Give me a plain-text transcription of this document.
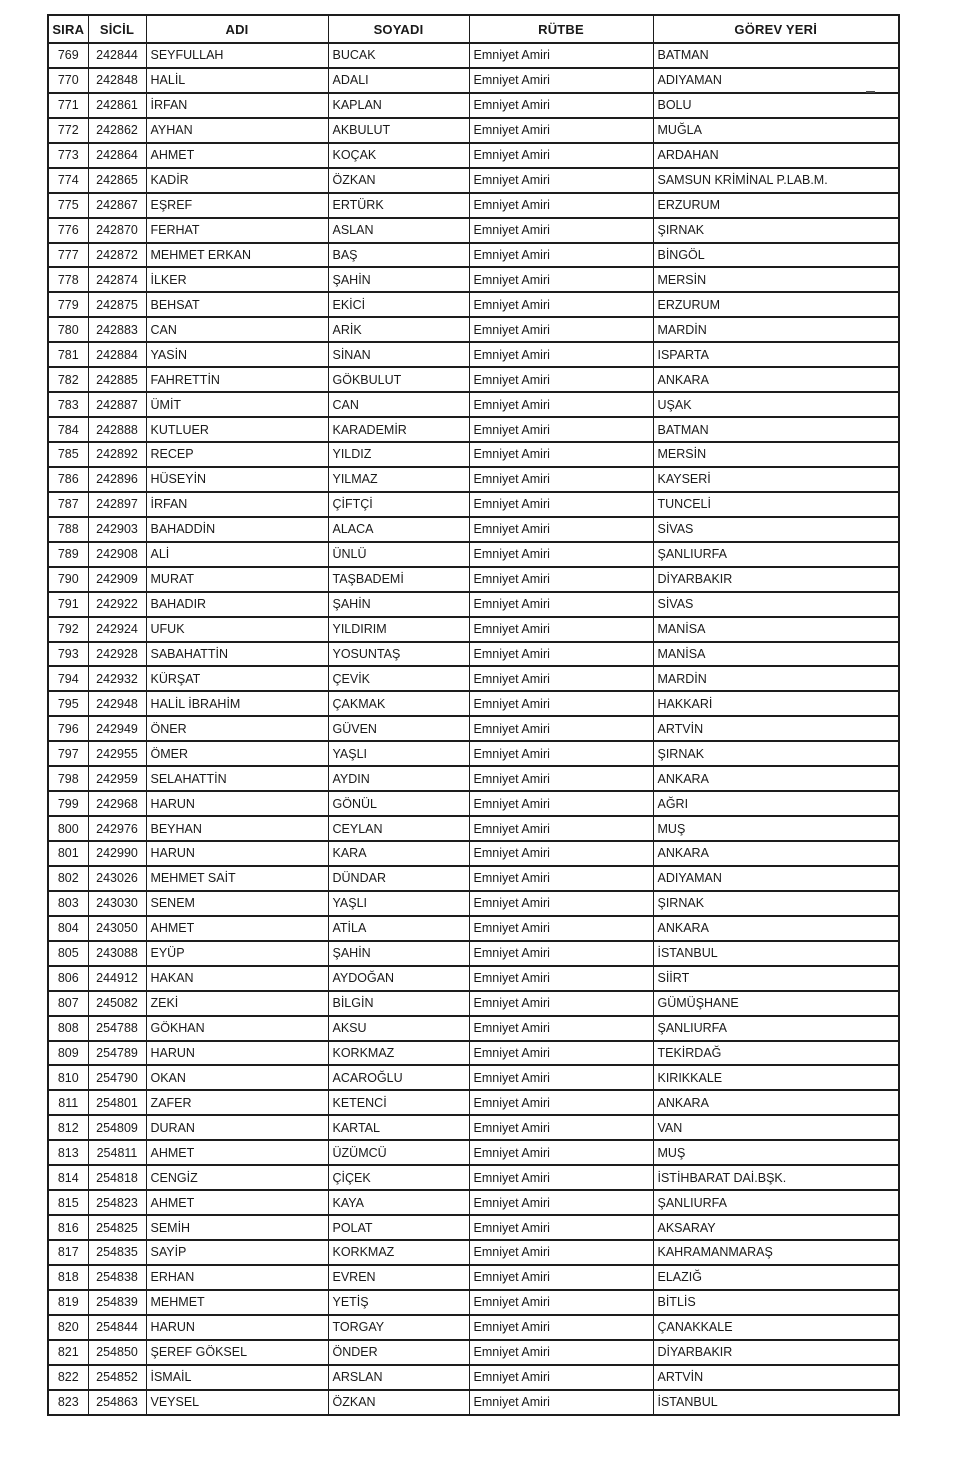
SIRA	SİCİL	ADI	SOYADI	RÜTBE	GÖREV YERİ
769	242844	SEYFULLAH	BUCAK	Emniyet Amiri	BATMAN
770	242848	HALİL	ADALI	Emniyet Amiri	ADIYAMAN
771	242861	İRFAN	KAPLAN	Emniyet Amiri	BOLU
772	242862	AYHAN	AKBULUT	Emniyet Amiri	MUĞLA
773	242864	AHMET	KOÇAK	Emniyet Amiri	ARDAHAN
774	242865	KADİR	ÖZKAN	Emniyet Amiri	SAMSUN KRİMİNAL P.LAB.M.
775	242867	EŞREF	ERTÜRK	Emniyet Amiri	ERZURUM
776	242870	FERHAT	ASLAN	Emniyet Amiri	ŞIRNAK
777	242872	MEHMET ERKAN	BAŞ	Emniyet Amiri	BİNGÖL
778	242874	İLKER	ŞAHİN	Emniyet Amiri	MERSİN
779	242875	BEHSAT	EKİCİ	Emniyet Amiri	ERZURUM
780	242883	CAN	ARİK	Emniyet Amiri	MARDİN
781	242884	YASİN	SİNAN	Emniyet Amiri	ISPARTA
782	242885	FAHRETTİN	GÖKBULUT	Emniyet Amiri	ANKARA
783	242887	ÜMİT	CAN	Emniyet Amiri	UŞAK
784	242888	KUTLUER	KARADEMİR	Emniyet Amiri	BATMAN
785	242892	RECEP	YILDIZ	Emniyet Amiri	MERSİN
786	242896	HÜSEYİN	YILMAZ	Emniyet Amiri	KAYSERİ
787	242897	İRFAN	ÇİFTÇİ	Emniyet Amiri	TUNCELİ
788	242903	BAHADDİN	ALACA	Emniyet Amiri	SİVAS
789	242908	ALİ	ÜNLÜ	Emniyet Amiri	ŞANLIURFA
790	242909	MURAT	TAŞBADEMİ	Emniyet Amiri	DİYARBAKIR
791	242922	BAHADIR	ŞAHİN	Emniyet Amiri	SİVAS
792	242924	UFUK	YILDIRIM	Emniyet Amiri	MANİSA
793	242928	SABAHATTİN	YOSUNTAŞ	Emniyet Amiri	MANİSA
794	242932	KÜRŞAT	ÇEVİK	Emniyet Amiri	MARDİN
795	242948	HALİL İBRAHİM	ÇAKMAK	Emniyet Amiri	HAKKARİ
796	242949	ÖNER	GÜVEN	Emniyet Amiri	ARTVİN
797	242955	ÖMER	YAŞLI	Emniyet Amiri	ŞIRNAK
798	242959	SELAHATTİN	AYDIN	Emniyet Amiri	ANKARA
799	242968	HARUN	GÖNÜL	Emniyet Amiri	AĞRI
800	242976	BEYHAN	CEYLAN	Emniyet Amiri	MUŞ
801	242990	HARUN	KARA	Emniyet Amiri	ANKARA
802	243026	MEHMET SAİT	DÜNDAR	Emniyet Amiri	ADIYAMAN
803	243030	SENEM	YAŞLI	Emniyet Amiri	ŞIRNAK
804	243050	AHMET	ATİLA	Emniyet Amiri	ANKARA
805	243088	EYÜP	ŞAHİN	Emniyet Amiri	İSTANBUL
806	244912	HAKAN	AYDOĞAN	Emniyet Amiri	SİİRT
807	245082	ZEKİ	BİLGİN	Emniyet Amiri	GÜMÜŞHANE
808	254788	GÖKHAN	AKSU	Emniyet Amiri	ŞANLIURFA
809	254789	HARUN	KORKMAZ	Emniyet Amiri	TEKİRDAĞ
810	254790	OKAN	ACAROĞLU	Emniyet Amiri	KIRIKKALE
811	254801	ZAFER	KETENCİ	Emniyet Amiri	ANKARA
812	254809	DURAN	KARTAL	Emniyet Amiri	VAN
813	254811	AHMET	ÜZÜMCÜ	Emniyet Amiri	MUŞ
814	254818	CENGİZ	ÇİÇEK	Emniyet Amiri	İSTİHBARAT DAİ.BŞK.
815	254823	AHMET	KAYA	Emniyet Amiri	ŞANLIURFA
816	254825	SEMİH	POLAT	Emniyet Amiri	AKSARAY
817	254835	SAYİP	KORKMAZ	Emniyet Amiri	KAHRAMANMARAŞ
818	254838	ERHAN	EVREN	Emniyet Amiri	ELAZIĞ
819	254839	MEHMET	YETİŞ	Emniyet Amiri	BİTLİS
820	254844	HARUN	TORGAY	Emniyet Amiri	ÇANAKKALE
821	254850	ŞEREF GÖKSEL	ÖNDER	Emniyet Amiri	DİYARBAKIR
822	254852	İSMAİL	ARSLAN	Emniyet Amiri	ARTVİN
823	254863	VEYSEL	ÖZKAN	Emniyet Amiri	İSTANBUL
